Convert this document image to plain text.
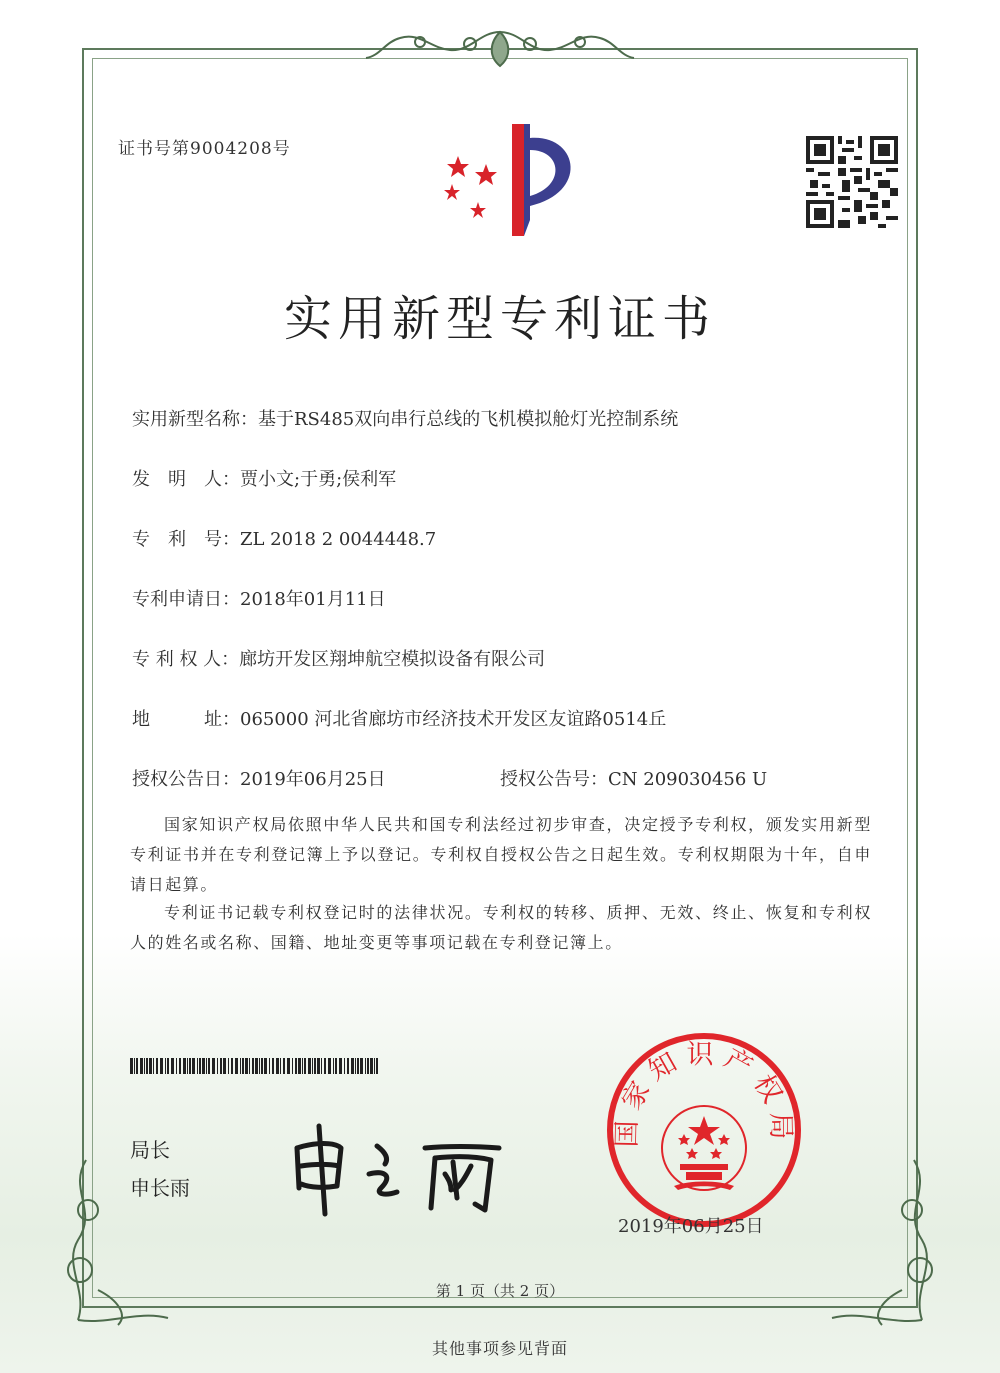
证书号第9004208号
实用新型专利证书
实用新型名称：基于RS485双向串行总线的飞机模拟舱灯光控制系统
发　明　人：贾小文;于勇;侯利军
专　利　号：ZL 2018 2 0044448.7
专利申请日：2018年01月11日
专 利 权 人：廊坊开发区翔坤航空模拟设备有限公司
地　　　址：065000 河北省廊坊市经济技术开发区友谊路0514丘
授权公告日：2019年06月25日	授权公告号：CN 209030456 U
国家知识产权局依照中华人民共和国专利法经过初步审查，决定授予专利权，颁发实用新型专利证书并在专利登记簿上予以登记。专利权自授权公告之日起生效。专利权期限为十年，自申请日起算。
专利证书记载专利权登记时的法律状况。专利权的转移、质押、无效、终止、恢复和专利权人的姓名或名称、国籍、地址变更等事项记载在专利登记簿上。
局长
申长雨
国家知识产权局
2019年06月25日
第 1 页（共 2 页）
其他事项参见背面
